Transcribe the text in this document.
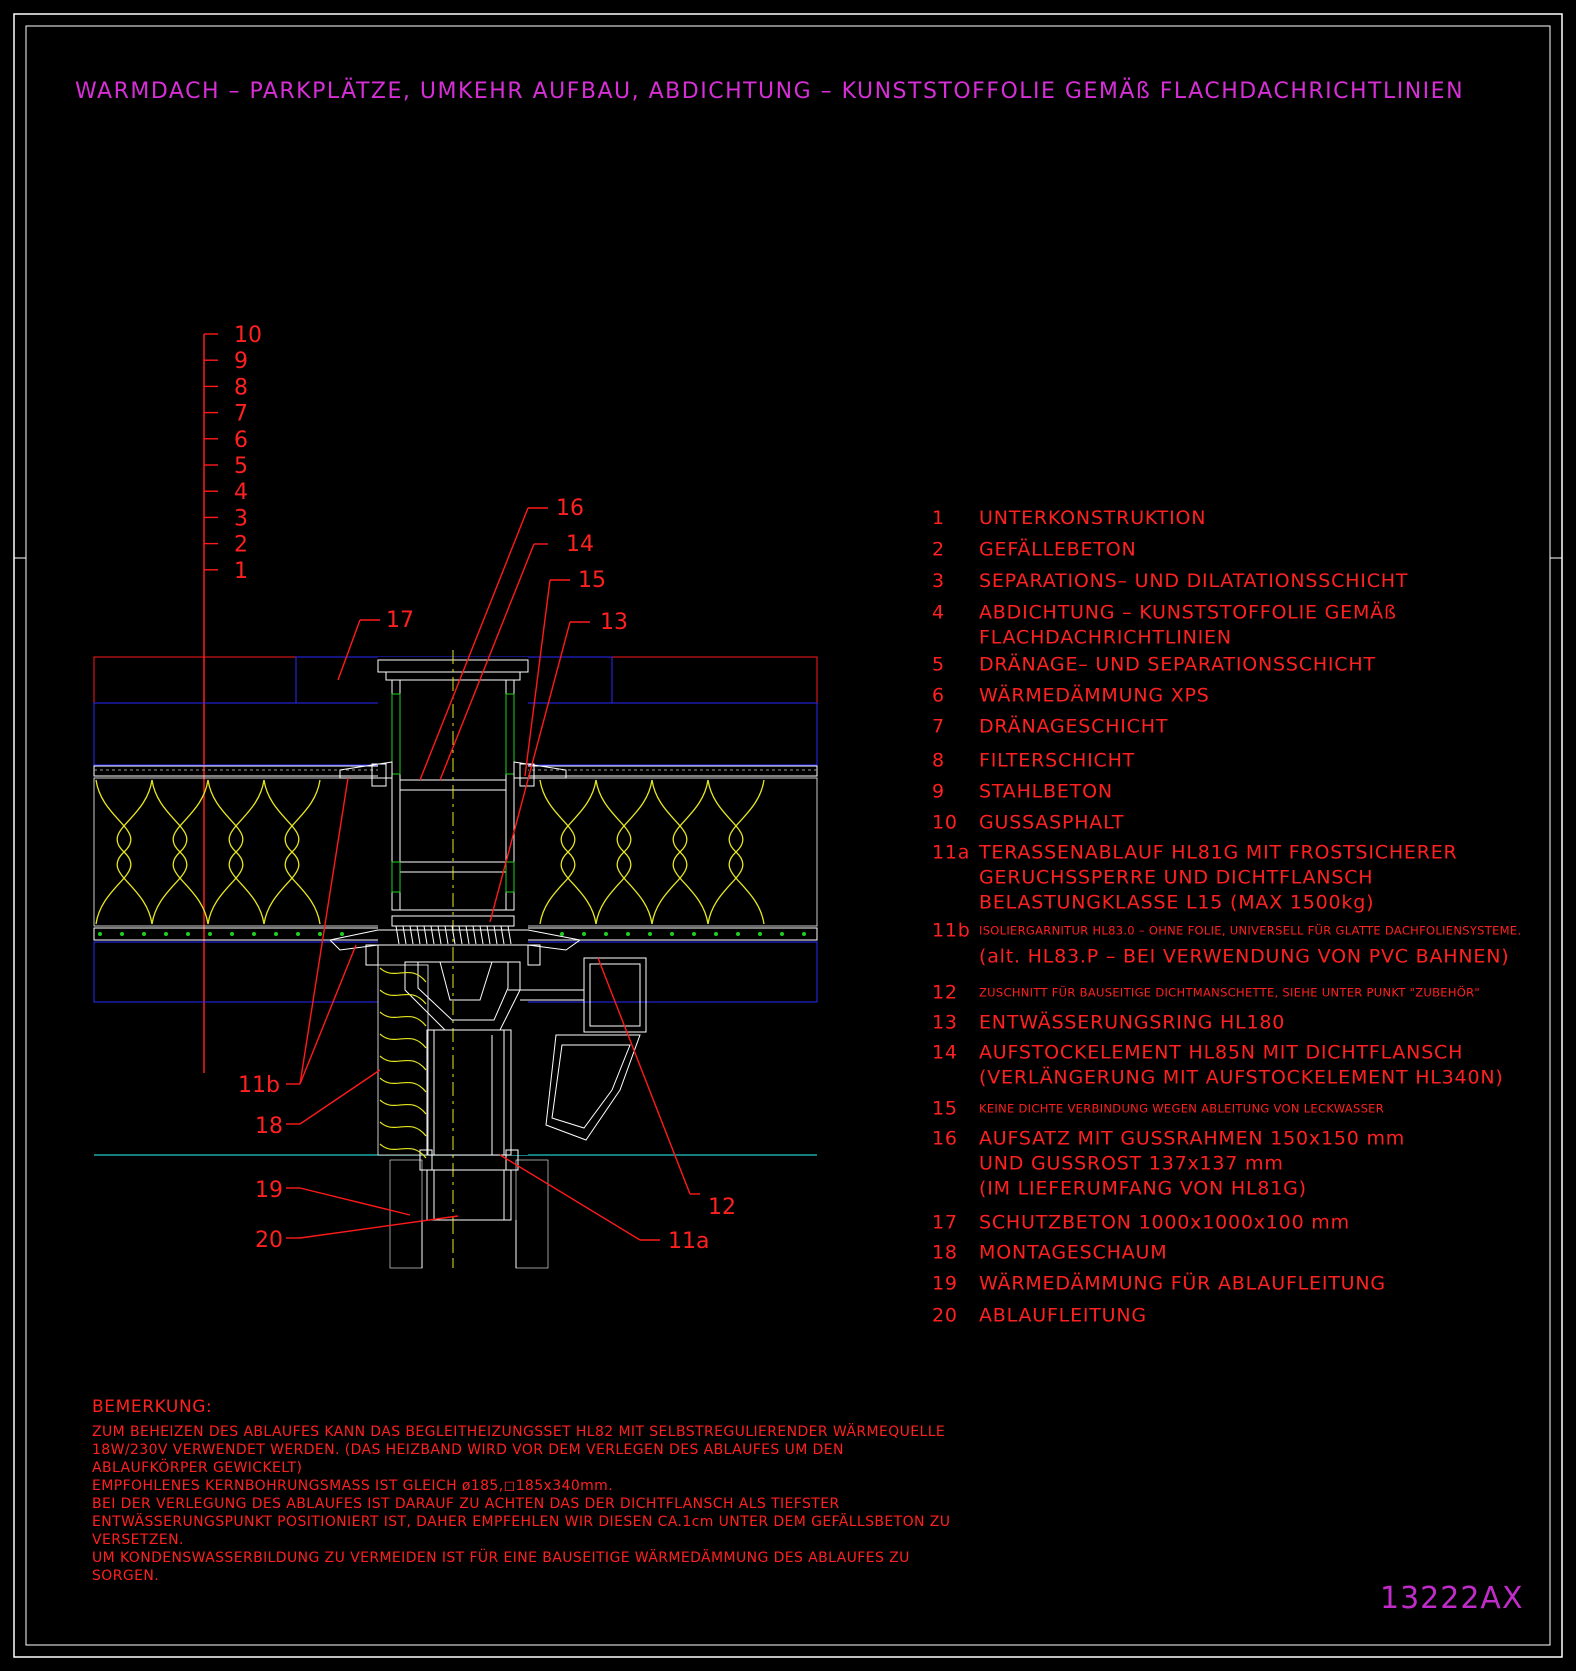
WARMDACH – PARKPLÄTZE, UMKEHR AUFBAU, ABDICHTUNG – KUNSTSTOFFOLIE GEMÄß FLACHDACHRICHTLINIEN
10
9
8
7
6
5
4
3
2
1
16
14
15
13
17
11b
18
19
20
12
11a
1 UNTERKONSTRUKTION
2 GEFÄLLEBETON
3 SEPARATIONS– UND DILATATIONSSCHICHT
4 ABDICHTUNG – KUNSTSTOFFOLIE GEMÄß
FLACHDACHRICHTLINIEN
5 DRÄNAGE– UND SEPARATIONSSCHICHT
6 WÄRMEDÄMMUNG XPS
7 DRÄNAGESCHICHT
8 FILTERSCHICHT
9 STAHLBETON
10 GUSSASPHALT
11a TERASSENABLAUF HL81G MIT FROSTSICHERER
GERUCHSSPERRE UND DICHTFLANSCH
BELASTUNGKLASSE L15 (MAX 1500kg)
11b ISOLIERGARNITUR HL83.0 – OHNE FOLIE, UNIVERSELL FÜR GLATTE DACHFOLIENSYSTEME.
(alt. HL83.P – BEI VERWENDUNG VON PVC BAHNEN)
12 ZUSCHNITT FÜR BAUSEITIGE DICHTMANSCHETTE, SIEHE UNTER PUNKT "ZUBEHÖR"
13 ENTWÄSSERUNGSRING HL180
14 AUFSTOCKELEMENT HL85N MIT DICHTFLANSCH
(VERLÄNGERUNG MIT AUFSTOCKELEMENT HL340N)
15 KEINE DICHTE VERBINDUNG WEGEN ABLEITUNG VON LECKWASSER
16 AUFSATZ MIT GUSSRAHMEN 150x150 mm
UND GUSSROST 137x137 mm
(IM LIEFERUMFANG VON HL81G)
17 SCHUTZBETON 1000x1000x100 mm
18 MONTAGESCHAUM
19 WÄRMEDÄMMUNG FÜR ABLAUFLEITUNG
20 ABLAUFLEITUNG
BEMERKUNG:
ZUM BEHEIZEN DES ABLAUFES KANN DAS BEGLEITHEIZUNGSSET HL82 MIT SELBSTREGULIERENDER WÄRMEQUELLE
18W/230V VERWENDET WERDEN. (DAS HEIZBAND WIRD VOR DEM VERLEGEN DES ABLAUFES UM DEN
ABLAUFKÖRPER GEWICKELT)
EMPFOHLENES KERNBOHRUNGSMASS IST GLEICH ø185,◻185x340mm.
BEI DER VERLEGUNG DES ABLAUFES IST DARAUF ZU ACHTEN DAS DER DICHTFLANSCH ALS TIEFSTER
ENTWÄSSERUNGSPUNKT POSITIONIERT IST, DAHER EMPFEHLEN WIR DIESEN CA.1cm UNTER DEM GEFÄLLSBETON ZU
VERSETZEN.
UM KONDENSWASSERBILDUNG ZU VERMEIDEN IST FÜR EINE BAUSEITIGE WÄRMEDÄMMUNG DES ABLAUFES ZU
SORGEN.
13222AX
